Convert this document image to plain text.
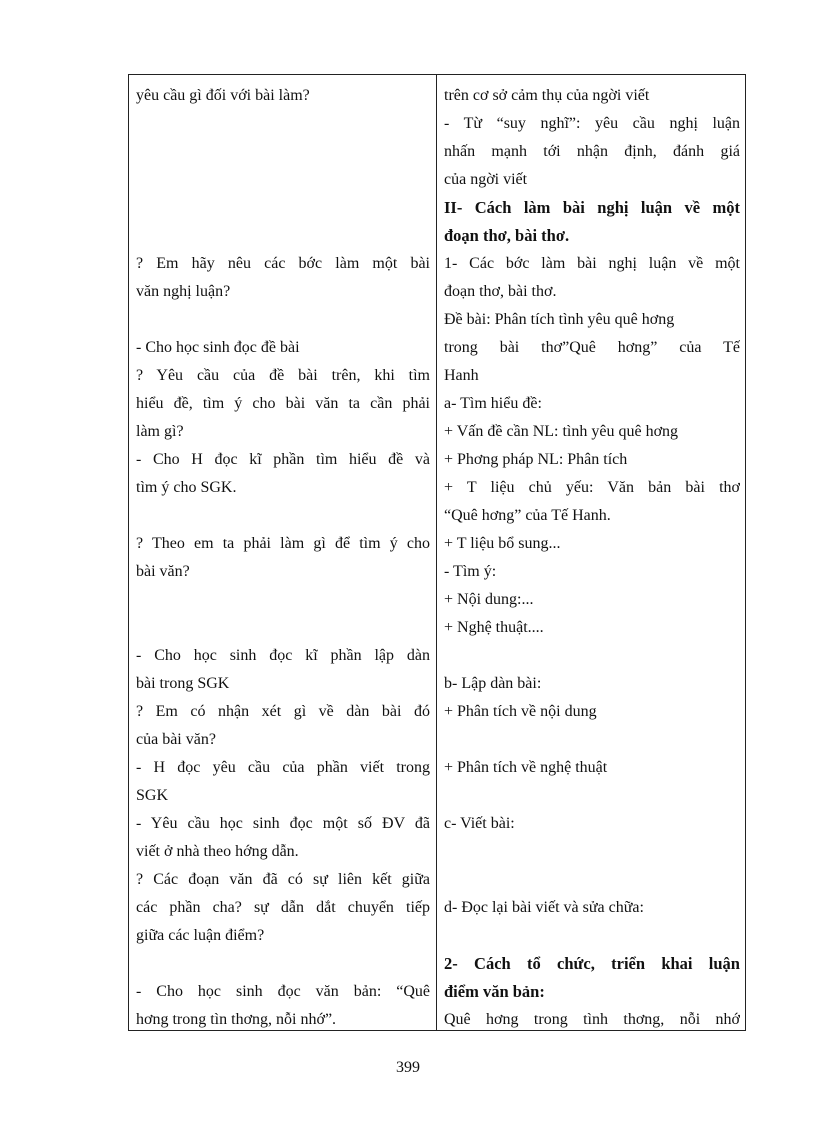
yêu cầu gì đối với bài làm?
? Em hãy nêu các bớc làm một bài
văn nghị luận?
- Cho học sinh đọc đề bài
? Yêu cầu của đề bài trên, khi tìm
hiểu đề, tìm ý cho bài văn ta cần phải
làm gì?
- Cho H đọc kĩ phần tìm hiểu đề và
tìm ý cho SGK.
? Theo em ta phải làm gì để tìm ý cho
bài văn?
- Cho học sinh đọc kĩ phần lập dàn
bài trong SGK
? Em có nhận xét gì về dàn bài đó
của bài văn?
- H đọc yêu cầu của phần viết trong
SGK
- Yêu cầu học sinh đọc một số ĐV đã
viết ở nhà theo hớng dẫn.
? Các đoạn văn đã có sự liên kết giữa
các phần cha? sự dẫn dắt chuyển tiếp
giữa các luận điểm?
- Cho học sinh đọc văn bản: “Quê
hơng trong tìn thơng, nỗi nhớ”.
trên cơ sở cảm thụ của ngời viết
- Từ “suy nghĩ”: yêu cầu nghị luận
nhấn mạnh tới nhận định, đánh giá
của ngời viết
II- Cách làm bài nghị luận về một
đoạn thơ, bài thơ.
1- Các bớc làm bài nghị luận về một
đoạn thơ, bài thơ.
Đề bài: Phân tích tình yêu quê hơng
trong bài thơ”Quê hơng” của Tế
Hanh
a- Tìm hiểu đề:
+ Vấn đề cần NL: tình yêu quê hơng
+ Phơng pháp NL: Phân tích
+ T liệu chủ yếu: Văn bản bài thơ
“Quê hơng” của Tế Hanh.
+ T liệu bổ sung...
- Tìm ý:
+ Nội dung:...
+ Nghệ thuật....
b- Lập dàn bài:
+ Phân tích về nội dung
+ Phân tích về nghệ thuật
c- Viết bài:
d- Đọc lại bài viết và sửa chữa:
2- Cách tổ chức, triển khai luận
điểm văn bản:
Quê hơng trong tình thơng, nỗi nhớ
399
